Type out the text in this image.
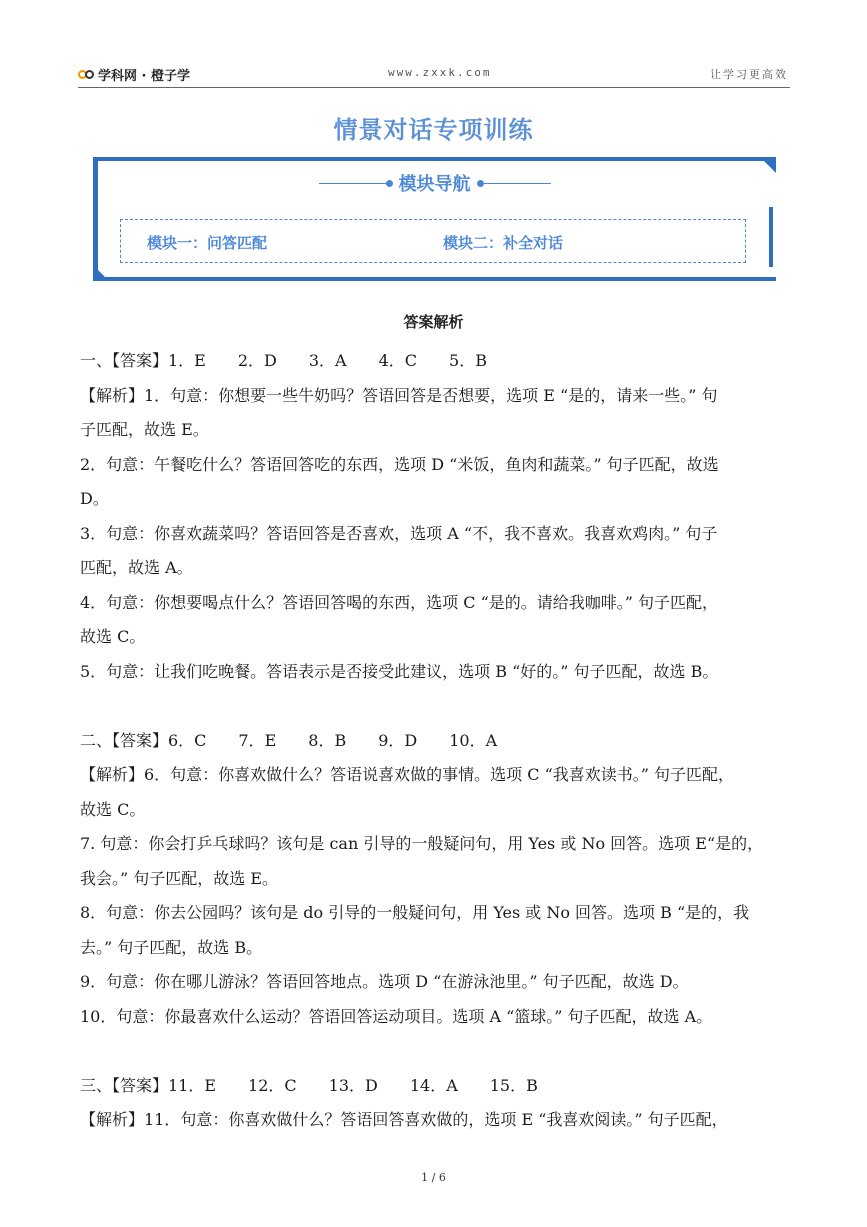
学科网 · 橙子学	www.zxxk.com	让学习更高效
情景对话专项训练
模块导航
模块一：问答匹配	模块二：补全对话
答案解析

一、【答案】1．E　　2．D　　3．A　　4．C　　5．B

【解析】1．句意：你想要一些牛奶吗？答语回答是否想要，选项 E “是的，请来一些。” 句

子匹配，故选 E。

2．句意：午餐吃什么？答语回答吃的东西，选项 D “米饭，鱼肉和蔬菜。” 句子匹配，故选

D。

3．句意：你喜欢蔬菜吗？答语回答是否喜欢，选项 A “不，我不喜欢。我喜欢鸡肉。” 句子

匹配，故选 A。

4．句意：你想要喝点什么？答语回答喝的东西，选项 C “是的。请给我咖啡。” 句子匹配，

故选 C。

5．句意：让我们吃晚餐。答语表示是否接受此建议，选项 B “好的。” 句子匹配，故选 B。

二、【答案】6．C　　7．E　　8．B　　9．D　　10．A

【解析】6．句意：你喜欢做什么？答语说喜欢做的事情。选项 C “我喜欢读书。” 句子匹配，

故选 C。

7. 句意：你会打乒乓球吗？该句是 can 引导的一般疑问句，用 Yes 或 No 回答。选项 E“是的，

我会。” 句子匹配，故选 E。

8．句意：你去公园吗？该句是 do 引导的一般疑问句，用 Yes 或 No 回答。选项 B “是的，我

去。” 句子匹配，故选 B。

9．句意：你在哪儿游泳？答语回答地点。选项 D “在游泳池里。” 句子匹配，故选 D。

10．句意：你最喜欢什么运动？答语回答运动项目。选项 A “篮球。” 句子匹配，故选 A。

三、【答案】11．E　　12．C　　13．D　　14．A　　15．B

【解析】11．句意：你喜欢做什么？答语回答喜欢做的，选项 E “我喜欢阅读。” 句子匹配，

1 / 6
